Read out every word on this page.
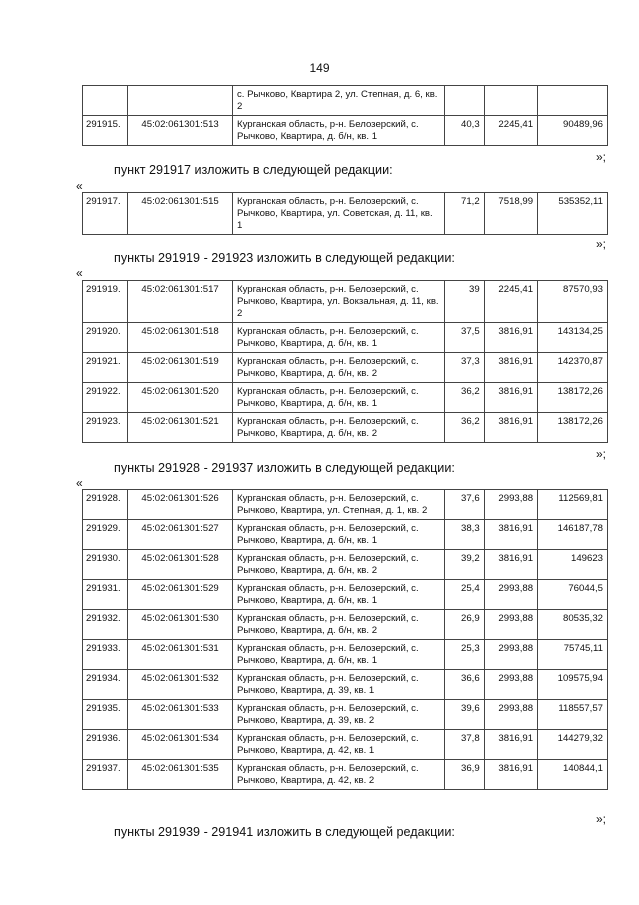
149
		с. Рычково, Квартира 2, ул. Степная, д. 6, кв. 2			
291915.	45:02:061301:513	Курганская область, р-н. Белозерский, с. Рычково, Квартира, д. б/н, кв. 1	40,3	2245,41	90489,96
»;
пункт 291917 изложить в следующей редакции:
«
291917.	45:02:061301:515	Курганская область, р-н. Белозерский, с. Рычково, Квартира, ул. Советская, д. 11, кв. 1	71,2	7518,99	535352,11
»;
пункты 291919 - 291923 изложить в следующей редакции:
«
291919.	45:02:061301:517	Курганская область, р-н. Белозерский, с. Рычково, Квартира, ул. Вокзальная, д. 11, кв. 2	39	2245,41	87570,93
291920.	45:02:061301:518	Курганская область, р-н. Белозерский, с. Рычково, Квартира, д. б/н, кв. 1	37,5	3816,91	143134,25
291921.	45:02:061301:519	Курганская область, р-н. Белозерский, с. Рычково, Квартира, д. б/н, кв. 2	37,3	3816,91	142370,87
291922.	45:02:061301:520	Курганская область, р-н. Белозерский, с. Рычково, Квартира, д. б/н, кв. 1	36,2	3816,91	138172,26
291923.	45:02:061301:521	Курганская область, р-н. Белозерский, с. Рычково, Квартира, д. б/н, кв. 2	36,2	3816,91	138172,26
»;
пункты 291928 - 291937 изложить в следующей редакции:
«
291928.	45:02:061301:526	Курганская область, р-н. Белозерский, с. Рычково, Квартира, ул. Степная, д. 1, кв. 2	37,6	2993,88	112569,81
291929.	45:02:061301:527	Курганская область, р-н. Белозерский, с. Рычково, Квартира, д. б/н, кв. 1	38,3	3816,91	146187,78
291930.	45:02:061301:528	Курганская область, р-н. Белозерский, с. Рычково, Квартира, д. б/н, кв. 2	39,2	3816,91	149623
291931.	45:02:061301:529	Курганская область, р-н. Белозерский, с. Рычково, Квартира, д. б/н, кв. 1	25,4	2993,88	76044,5
291932.	45:02:061301:530	Курганская область, р-н. Белозерский, с. Рычково, Квартира, д. б/н, кв. 2	26,9	2993,88	80535,32
291933.	45:02:061301:531	Курганская область, р-н. Белозерский, с. Рычково, Квартира, д. б/н, кв. 1	25,3	2993,88	75745,11
291934.	45:02:061301:532	Курганская область, р-н. Белозерский, с. Рычково, Квартира, д. 39, кв. 1	36,6	2993,88	109575,94
291935.	45:02:061301:533	Курганская область, р-н. Белозерский, с. Рычково, Квартира, д. 39, кв. 2	39,6	2993,88	118557,57
291936.	45:02:061301:534	Курганская область, р-н. Белозерский, с. Рычково, Квартира, д. 42, кв. 1	37,8	3816,91	144279,32
291937.	45:02:061301:535	Курганская область, р-н. Белозерский, с. Рычково, Квартира, д. 42, кв. 2	36,9	3816,91	140844,1
»;
пункты 291939 - 291941 изложить в следующей редакции:
